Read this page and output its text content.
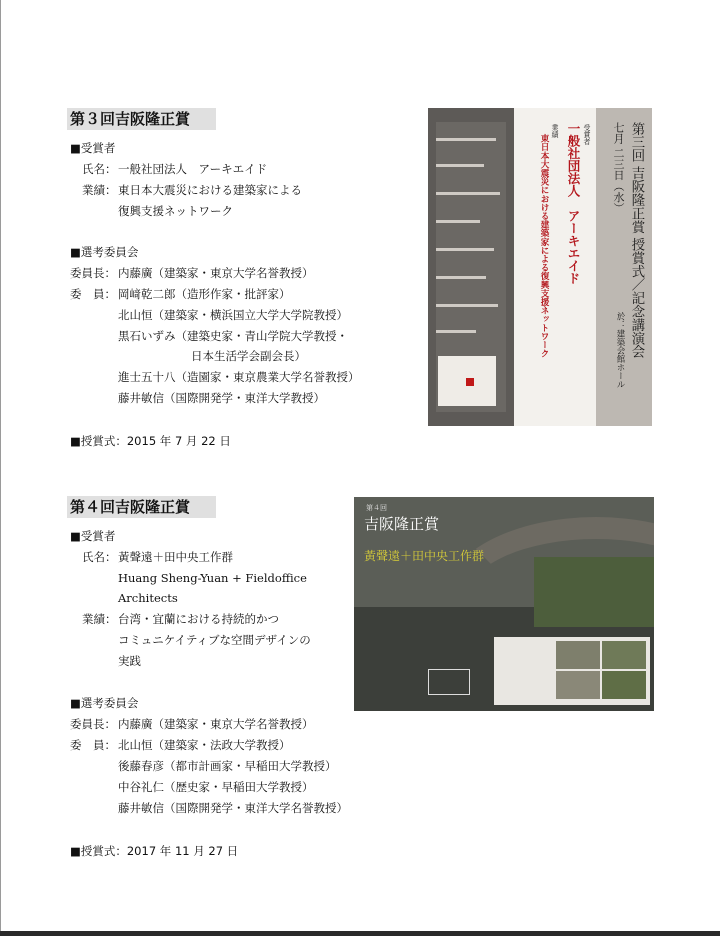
第３回吉阪隆正賞
■受賞者
氏名： 一般社団法人　アーキエイド
業績： 東日本大震災における建築家による
復興支援ネットワーク
■選考委員会
委員長： 内藤廣（建築家・東京大学名誉教授）
委　員： 岡﨑乾二郎（造形作家・批評家）
北山恒（建築家・横浜国立大学大学院教授）
黒石いずみ（建築史家・青山学院大学教授・
日本生活学会副会長）
進士五十八（造園家・東京農業大学名誉教授）
藤井敏信（国際開発学・東洋大学教授）
■授賞式：2015 年 7 月 22 日
受賞者
一般社団法人　アーキエイド
業績
東日本大震災における建築家による復興支援ネットワーク	第三回 吉阪隆正賞 授賞式／記念講演会
七月 二三日（水）
於：建築会館ホール
第４回吉阪隆正賞
■受賞者
氏名： 黃聲遠＋田中央工作群
Huang Sheng-Yuan + Fieldoffice
Architects
業績： 台湾・宜蘭における持続的かつ
コミュニケイティブな空間デザインの
実践
■選考委員会
委員長： 内藤廣（建築家・東京大学名誉教授）
委　員： 北山恒（建築家・法政大学教授）
後藤春彦（都市計画家・早稲田大学教授）
中谷礼仁（歴史家・早稲田大学教授）
藤井敏信（国際開発学・東洋大学名誉教授）
■授賞式：2017 年 11 月 27 日
第４回
吉阪隆正賞
黃聲遠＋田中央工作群
